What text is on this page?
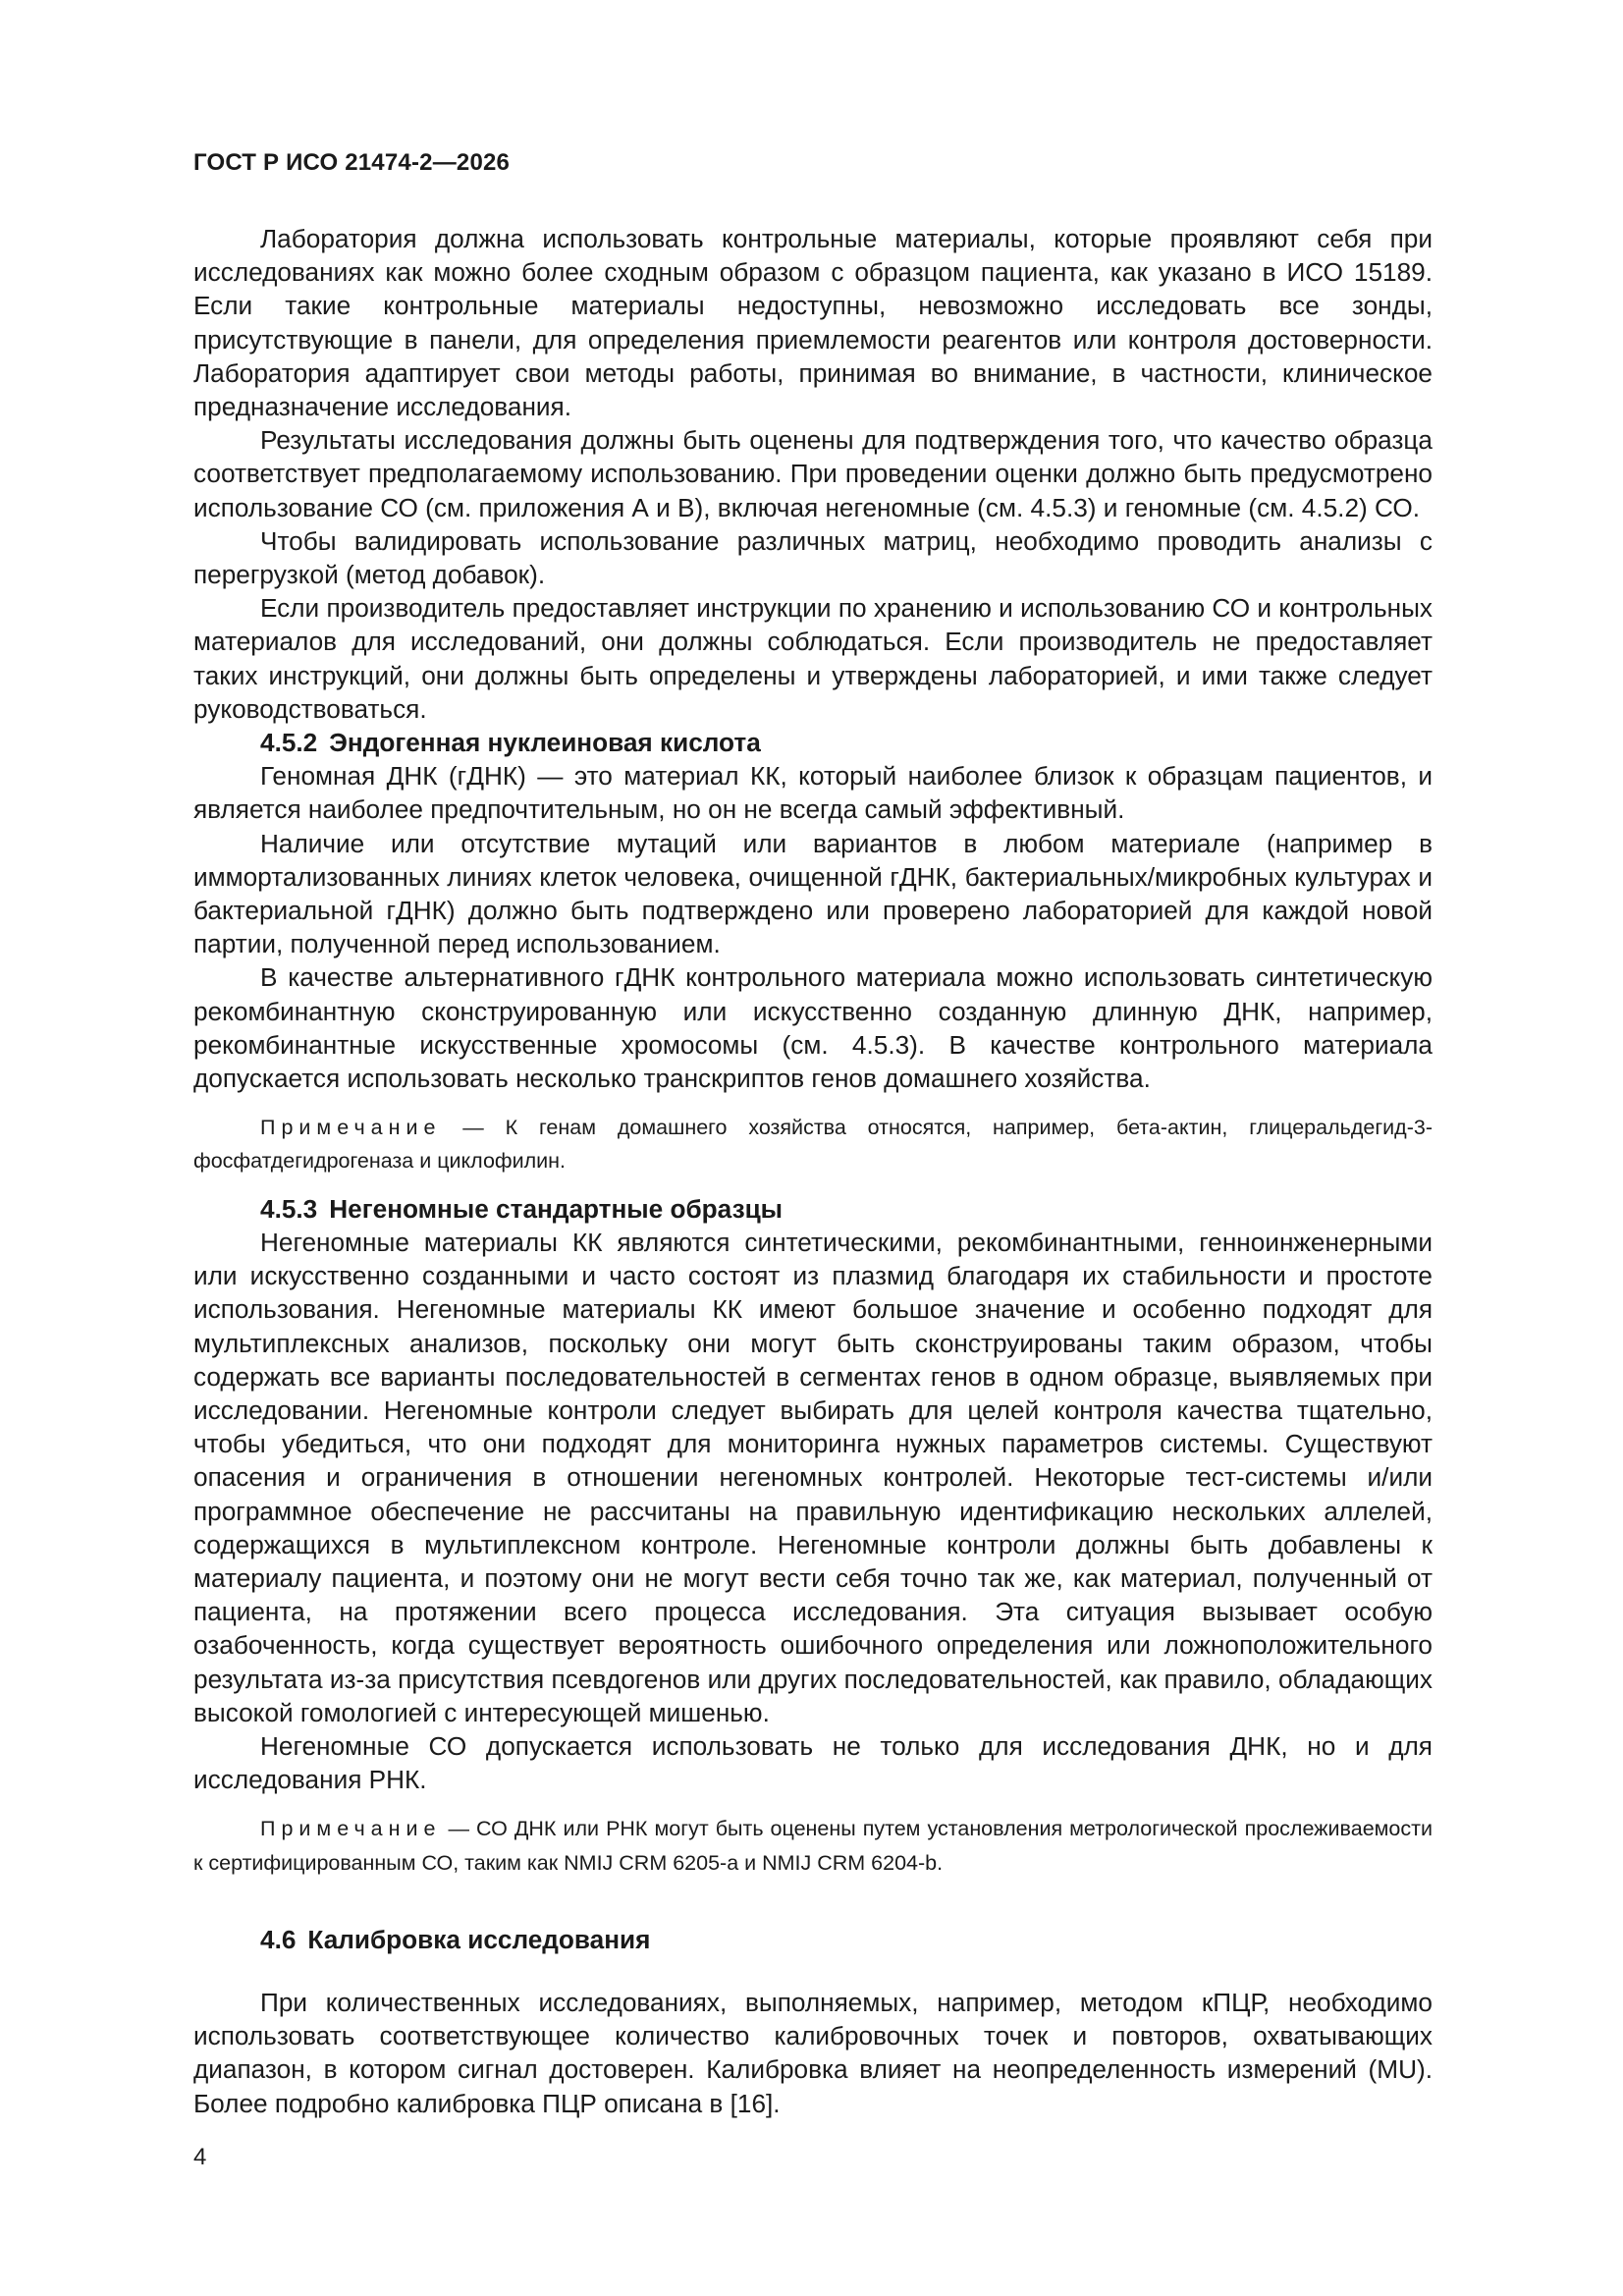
ГОСТ Р ИСО 21474-2—2026

Лаборатория должна использовать контрольные материалы, которые проявляют себя при исследованиях как можно более сходным образом с образцом пациента, как указано в ИСО 15189. Если такие контрольные материалы недоступны, невозможно исследовать все зонды, присутствующие в панели, для определения приемлемости реагентов или контроля достоверности. Лаборатория адаптирует свои методы работы, принимая во внимание, в частности, клиническое предназначение исследования.

Результаты исследования должны быть оценены для подтверждения того, что качество образца соответствует предполагаемому использованию. При проведении оценки должно быть предусмотрено использование СО (см. приложения А и В), включая негеномные (см. 4.5.3) и геномные (см. 4.5.2) СО.

Чтобы валидировать использование различных матриц, необходимо проводить анализы с перегрузкой (метод добавок).

Если производитель предоставляет инструкции по хранению и использованию СО и контрольных материалов для исследований, они должны соблюдаться. Если производитель не предоставляет таких инструкций, они должны быть определены и утверждены лабораторией, и ими также следует руководствоваться.

4.5.2 Эндогенная нуклеиновая кислота

Геномная ДНК (гДНК) — это материал КК, который наиболее близок к образцам пациентов, и является наиболее предпочтительным, но он не всегда самый эффективный.

Наличие или отсутствие мутаций или вариантов в любом материале (например в иммортализованных линиях клеток человека, очищенной гДНК, бактериальных/микробных культурах и бактериальной гДНК) должно быть подтверждено или проверено лабораторией для каждой новой партии, полученной перед использованием.

В качестве альтернативного гДНК контрольного материала можно использовать синтетическую рекомбинантную сконструированную или искусственно созданную длинную ДНК, например, рекомбинантные искусственные хромосомы (см. 4.5.3). В качестве контрольного материала допускается использовать несколько транскриптов генов домашнего хозяйства.

Примечание — К генам домашнего хозяйства относятся, например, бета-актин, глицеральдегид-3-фосфатдегидрогеназа и циклофилин.

4.5.3 Негеномные стандартные образцы

Негеномные материалы КК являются синтетическими, рекомбинантными, генноинженерными или искусственно созданными и часто состоят из плазмид благодаря их стабильности и простоте использования. Негеномные материалы КК имеют большое значение и особенно подходят для мультиплексных анализов, поскольку они могут быть сконструированы таким образом, чтобы содержать все варианты последовательностей в сегментах генов в одном образце, выявляемых при исследовании. Негеномные контроли следует выбирать для целей контроля качества тщательно, чтобы убедиться, что они подходят для мониторинга нужных параметров системы. Существуют опасения и ограничения в отношении негеномных контролей. Некоторые тест-системы и/или программное обеспечение не рассчитаны на правильную идентификацию нескольких аллелей, содержащихся в мультиплексном контроле. Негеномные контроли должны быть добавлены к материалу пациента, и поэтому они не могут вести себя точно так же, как материал, полученный от пациента, на протяжении всего процесса исследования. Эта ситуация вызывает особую озабоченность, когда существует вероятность ошибочного определения или ложноположительного результата из-за присутствия псевдогенов или других последовательностей, как правило, обладающих высокой гомологией с интересующей мишенью.

Негеномные СО допускается использовать не только для исследования ДНК, но и для исследования РНК.

Примечание — СО ДНК или РНК могут быть оценены путем установления метрологической прослеживаемости к сертифицированным СО, таким как NMIJ CRM 6205-a и NMIJ CRM 6204-b.

4.6 Калибровка исследования

При количественных исследованиях, выполняемых, например, методом кПЦР, необходимо использовать соответствующее количество калибровочных точек и повторов, охватывающих диапазон, в котором сигнал достоверен. Калибровка влияет на неопределенность измерений (MU). Более подробно калибровка ПЦР описана в [16].

4
